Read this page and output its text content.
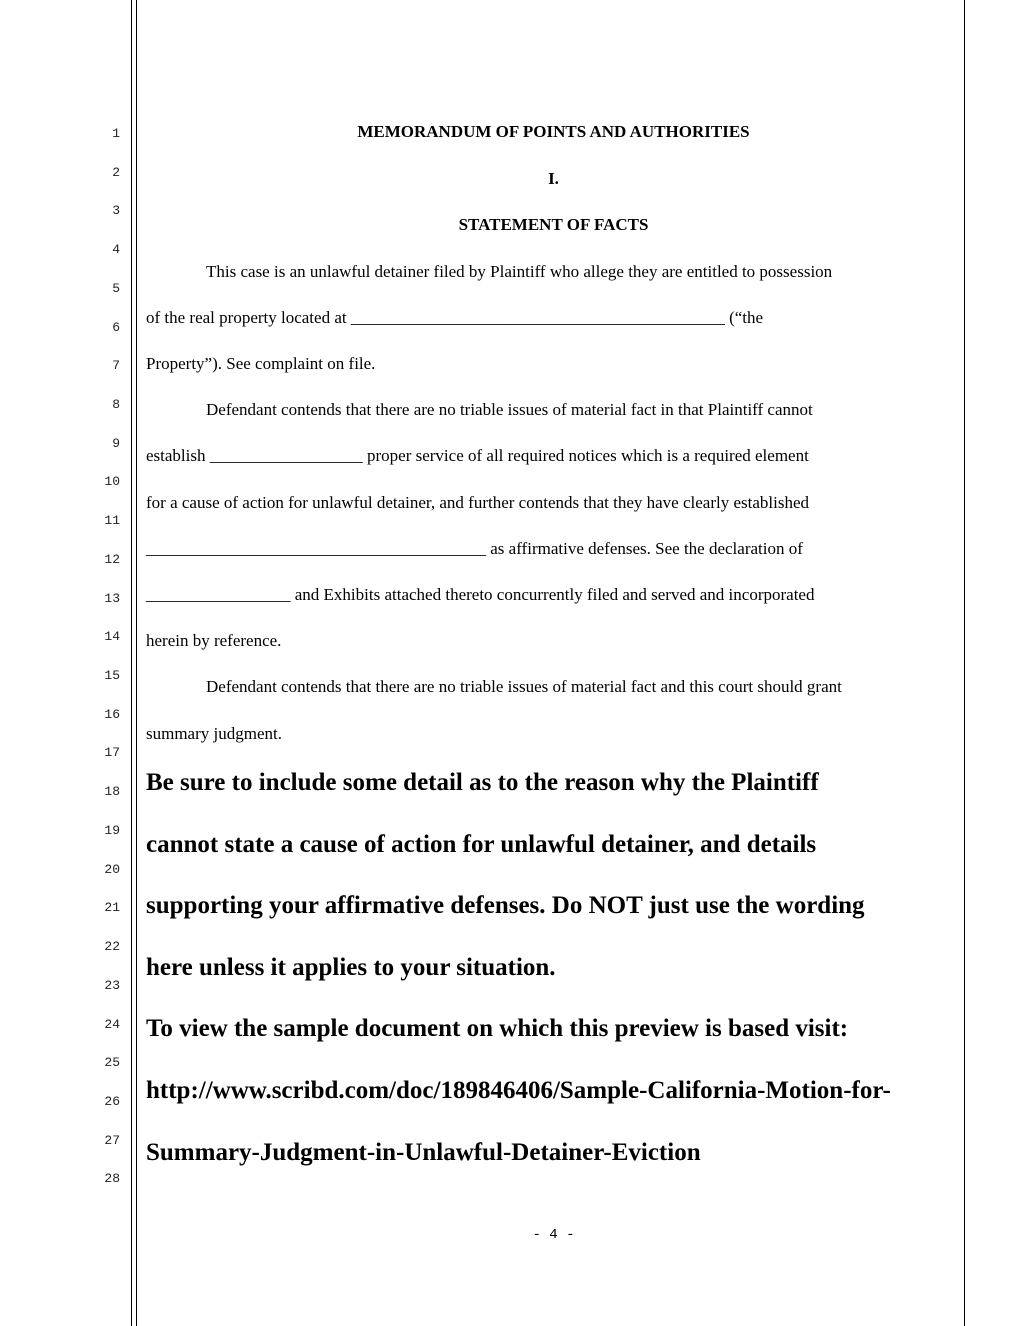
1
2
3
4
5
6
7
8
9
10
11
12
13
14
15
16
17
18
19
20
21
22
23
24
25
26
27
28
MEMORANDUM OF POINTS AND AUTHORITIES
I.
STATEMENT OF FACTS
This case is an unlawful detainer filed by Plaintiff who allege they are entitled to possession
of the real property located at ____________________________________________ (“the
Property”). See complaint on file.
Defendant contends that there are no triable issues of material fact in that Plaintiff cannot
establish __________________ proper service of all required notices which is a required element
for a cause of action for unlawful detainer, and further contends that they have clearly established
________________________________________ as affirmative defenses. See the declaration of
_________________ and Exhibits attached thereto concurrently filed and served and incorporated
herein by reference.
Defendant contends that there are no triable issues of material fact and this court should grant
summary judgment.
Be sure to include some detail as to the reason why the Plaintiff
cannot state a cause of action for unlawful detainer, and details
supporting your affirmative defenses. Do NOT just use the wording
here unless it applies to your situation.
To view the sample document on which this preview is based visit:
http://www.scribd.com/doc/189846406/Sample-California-Motion-for-
Summary-Judgment-in-Unlawful-Detainer-Eviction
- 4 -
